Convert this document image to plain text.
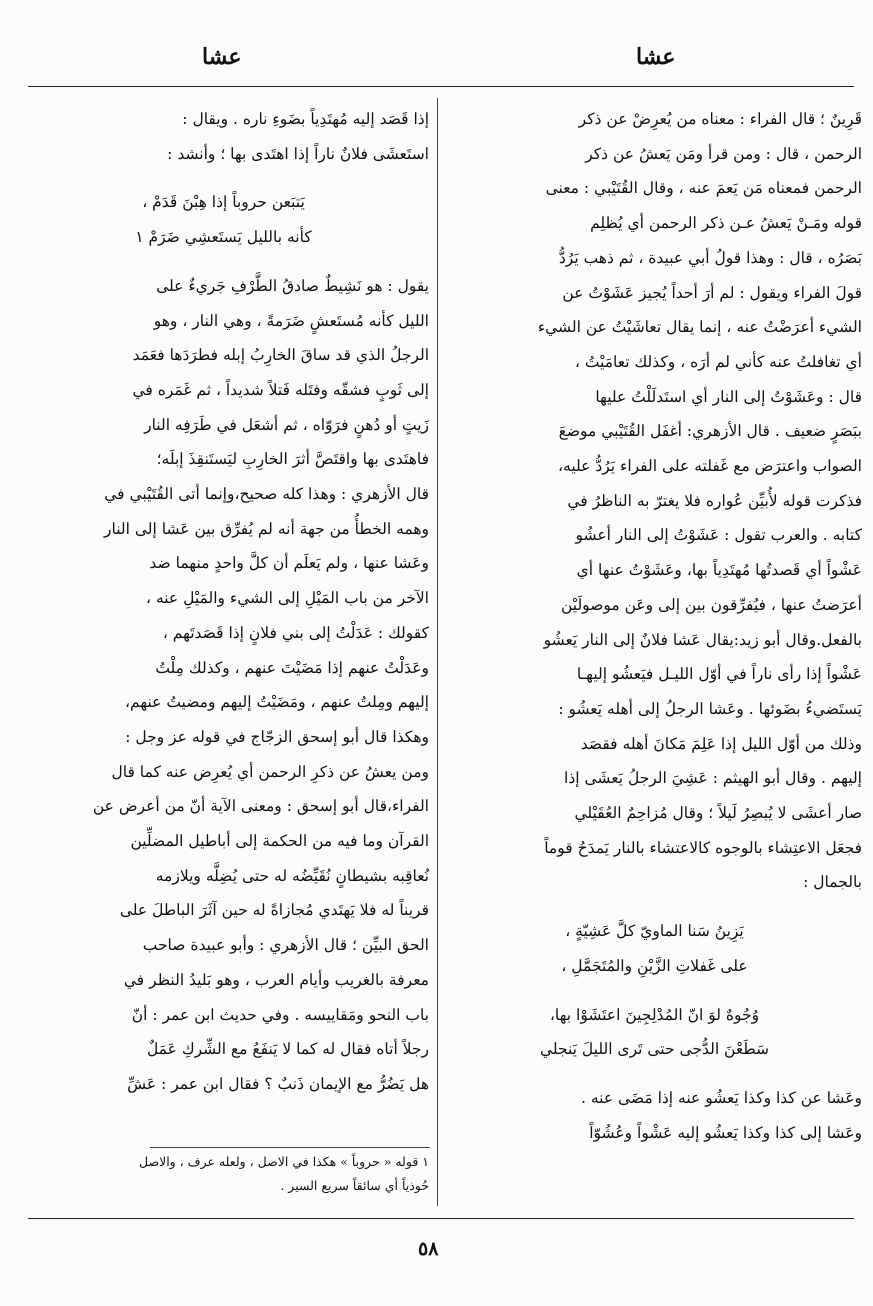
عشا
عشا

قَرِينٌ ؛ قال الفراء : معناه من يُعرِضْ عن ذكر

الرحمن ، قال : ومن قرأ ومَن يَعشُ عن ذكر

الرحمن فمعناه مَن يَعمَ عنه ، وقال القُتَيْبي : معنى

قوله ومَـنْ يَعشُ عـن ذكر الرحمن أي يُظلِم

بَصَرُه ، قال : وهذا قولُ أبي عبيدة ، ثم ذهب يَرُدُّ

قولَ الفراء ويقول : لم أرَ أحداً يُجيز عَشَوْتُ عن

الشيء أعرَضْتُ عنه ، إنما يقال تعاشَيْتُ عن الشيء

أي تغافلتُ عنه كأني لم أرَه ، وكذلك تعامَيْتُ ،

قال : وعَشَوْتُ إلى النار أي استَدلَلْتُ عليها

ببَصَرٍ ضعيف . قال الأزهري: أغفَل القُتَيْبي موضعَ

الصواب واعترَض مع غَفلته على الفراء يَرُدُّ عليه،

فذكرت قوله لأُبيِّن عُواره فلا يغترّ به الناظرُ في

كتابه . والعرب تقول : عَشَوْتُ إلى النار أعشُو

عَشْواً أي قَصدتُها مُهتَدِياً بها، وعَشَوْتُ عنها أي

أعرَضتُ عنها ، فيُفرِّقون بين إلى وعَن موصولَيْن

بالفعل.وقال أبو زيد:يقال عَشا فلانٌ إلى النار يَعشُو

عَشْواً إذا رأى ناراً في أوّل الليـل فيَعشُو إليهـا

يَستَضيءُ بضَوئها . وعَشا الرجلُ إلى أهله يَعشُو :

وذلك من أوّل الليل إذا عَلِمَ مَكانَ أهله فقصَد

إليهم . وقال أبو الهيثم : عَشِيَ الرجلُ يَعشَى إذا

صار أعشَى لا يُبصِرُ لَيلاً ؛ وقال مُزاحِمٌ العُقَيْلي

فجعَل الاعتِشاء بالوجوه كالاعتشاء بالنار يَمدَحُ قوماً

بالجمال :

يَزِينُ سَنا الماويّ كلَّ عَشِيّةٍ ،

على غَفلاتِ الزَّيْنِ والمُتَجَمَّلِ ،

وُجُوهٌ لوَ انّ المُدْلِجِينَ اعتَشَوْا بها،

سَطَعْنَ الدُّجى حتى تَرى الليلَ يَنجلي

وعَشا عن كذا وكذا يَعشُو عنه إذا مَضَى عنه .

وعَشا إلى كذا وكذا يَعشُو إليه عَشْواً وعُشُوّاً

إذا قَصَد إليه مُهتَدِياً بضَوءِ ناره . ويقال :

استَعشَى فلانٌ ناراً إذا اهتَدى بها ؛ وأنشد :

يَتبَعن حروباً إذا هِبْنَ قَدَمْ ،

كأنه بالليل يَستَعشِي ضَرَمْ ١

يقول : هو نَشِيطٌ صادقُ الطَّرْفِ جَريءٌ على

الليل كأنه مُستَعشٍ ضَرَمةً ، وهي النار ، وهو

الرجلُ الذي قد ساقَ الخارِبُ إبله فطرَدَها فعَمَد

إلى ثَوبٍ فشقّه وفتَله فَتلاً شديداً ، ثم غَمَره في

زَيتٍ أو دُهنٍ فرَوّاه ، ثم أشعَل في طَرَفِه النار

فاهتَدى بها واقتَصَّ أثرَ الخارِبِ ليَستَنقِذَ إبلَه؛

قال الأزهري : وهذا كله صحيح،وإنما أتى القُتَيْبي في

وهمه الخطأُ من جهة أنه لم يُفرِّق بين عَشا إلى النار

وعَشا عنها ، ولم يَعلَم أن كلَّ واحدٍ منهما ضد

الآخر من باب المَيْلِ إلى الشيء والمَيْلِ عنه ،

كقولك : عَدَلْتُ إلى بني فلانٍ إذا قَصَدتَهم ،

وعَدَلْتُ عنهم إذا مَضَيْتَ عنهم ، وكذلك مِلْتُ

إليهم ومِلتُ عنهم ، ومَضَيْتُ إليهم ومضيتُ عنهم،

وهكذا قال أبو إسحق الزجّاج في قوله عز وجل :

ومن يعشُ عن ذكرِ الرحمن أي يُعرِض عنه كما قال

الفراء،قال أبو إسحق : ومعنى الآية أنّ من أعرض عن

القرآن وما فيه من الحكمة إلى أباطيل المضلِّين

نُعاقِبه بشيطانٍ نُقَيِّضُه له حتى يُضِلَّه ويلازمه

قريناً له فلا يَهتَدي مُجازاةً له حين آثَرَ الباطلَ على

الحق البيِّن ؛ قال الأزهري : وأبو عبيدة صاحب

معرفة بالغريب وأيام العرب ، وهو بَليدُ النظر في

باب النحو ومَقاييسه . وفي حديث ابن عمر : أنّ

رجلاً أتاه فقال له كما لا يَنفَعُ مع الشِّركِ عَمَلٌ

هل يَضُرُّ مع الإيمان ذَنبٌ ؟ فقال ابن عمر : عَشِّ

١ قوله « حروباً » هكذا في الاصل ، ولعله عرف ، والاصل
حُوذياً أي سائقاً سريع السير .
٥٨
